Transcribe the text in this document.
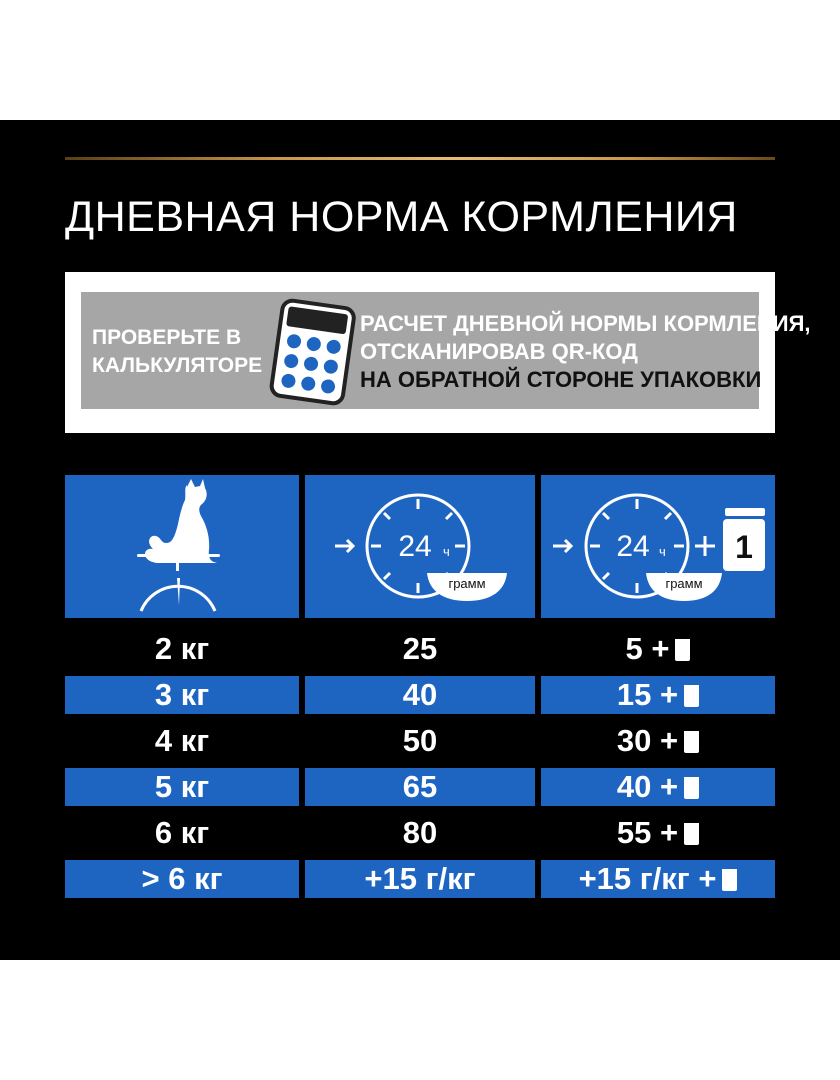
ДНЕВНАЯ НОРМА КОРМЛЕНИЯ
ПРОВЕРЬТЕ В
КАЛЬКУЛЯТОРЕ
РАСЧЕТ ДНЕВНОЙ НОРМЫ КОРМЛЕНИЯ,
ОТСКАНИРОВАВ QR-КОД
НА ОБРАТНОЙ СТОРОНЕ УПАКОВКИ
24 ч
грамм
24 ч
грамм
1
2 кг	25	5 +
3 кг	40	15 +
4 кг	50	30 +
5 кг	65	40 +
6 кг	80	55 +
> 6 кг	+15 г/кг	+15 г/кг +
